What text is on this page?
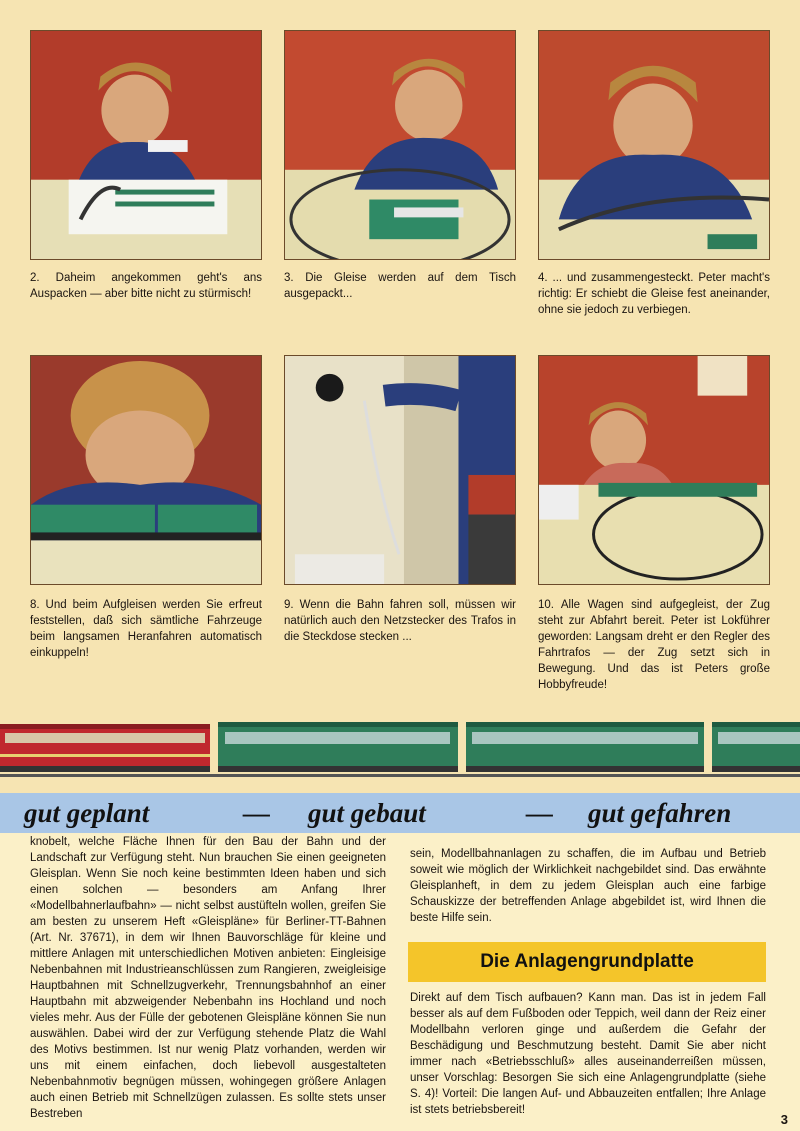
2. Daheim angekommen geht's ans Auspacken — aber bitte nicht zu stürmisch!
3. Die Gleise werden auf dem Tisch ausgepackt...
4. ... und zusammengesteckt. Peter macht's richtig: Er schiebt die Gleise fest aneinander, ohne sie jedoch zu verbiegen.
8. Und beim Aufgleisen werden Sie erfreut feststellen, daß sich sämtliche Fahrzeuge beim langsamen Heranfahren automatisch einkuppeln!
9. Wenn die Bahn fahren soll, müssen wir natürlich auch den Netzstecker des Trafos in die Steckdose stecken ...
10. Alle Wagen sind aufgegleist, der Zug steht zur Abfahrt bereit. Peter ist Lokführer geworden: Langsam dreht er den Regler des Fahrtrafos — der Zug setzt sich in Bewegung. Und das ist Peters große Hobbyfreude!
gut geplant	— gut gebaut	— gut gefahren
knobelt, welche Fläche Ihnen für den Bau der Bahn und der Landschaft zur Verfügung steht. Nun brauchen Sie einen geeigneten Gleisplan. Wenn Sie noch keine bestimmten Ideen haben und sich einen solchen — besonders am Anfang Ihrer «Modellbahnerlaufbahn» — nicht selbst austüfteln wollen, greifen Sie am besten zu unserem Heft «Gleispläne» für Berliner-TT-Bahnen (Art. Nr. 37671), in dem wir Ihnen Bauvorschläge für kleine und mittlere Anlagen mit unterschiedlichen Motiven anbieten: Eingleisige Nebenbahnen mit Industrieanschlüssen zum Rangieren, zweigleisige Hauptbahnen mit Schnellzugverkehr, Trennungsbahnhof an einer Hauptbahn mit abzweigender Nebenbahn ins Hochland und noch vieles mehr. Aus der Fülle der gebotenen Gleispläne können Sie nun auswählen. Dabei wird der zur Verfügung stehende Platz die Wahl des Motivs bestimmen. Ist nur wenig Platz vorhanden, werden wir uns mit einem einfachen, doch liebevoll ausgestalteten Nebenbahnmotiv begnügen müssen, wohingegen größere Anlagen auch einen Betrieb mit Schnellzügen zulassen. Es sollte stets unser Bestreben
sein, Modellbahnanlagen zu schaffen, die im Aufbau und Betrieb soweit wie möglich der Wirklichkeit nachgebildet sind. Das erwähnte Gleisplanheft, in dem zu jedem Gleisplan auch eine farbige Schauskizze der betreffenden Anlage abgebildet ist, wird Ihnen die beste Hilfe sein.
Die Anlagengrundplatte
Direkt auf dem Tisch aufbauen? Kann man. Das ist in jedem Fall besser als auf dem Fußboden oder Teppich, weil dann der Reiz einer Modellbahn verloren ginge und außerdem die Gefahr der Beschädigung und Beschmutzung besteht. Damit Sie aber nicht immer nach «Betriebsschluß» alles auseinanderreißen müssen, unser Vorschlag: Besorgen Sie sich eine Anlagengrundplatte (siehe S. 4)! Vorteil: Die langen Auf- und Abbauzeiten entfallen; Ihre Anlage ist stets betriebsbereit!
3
